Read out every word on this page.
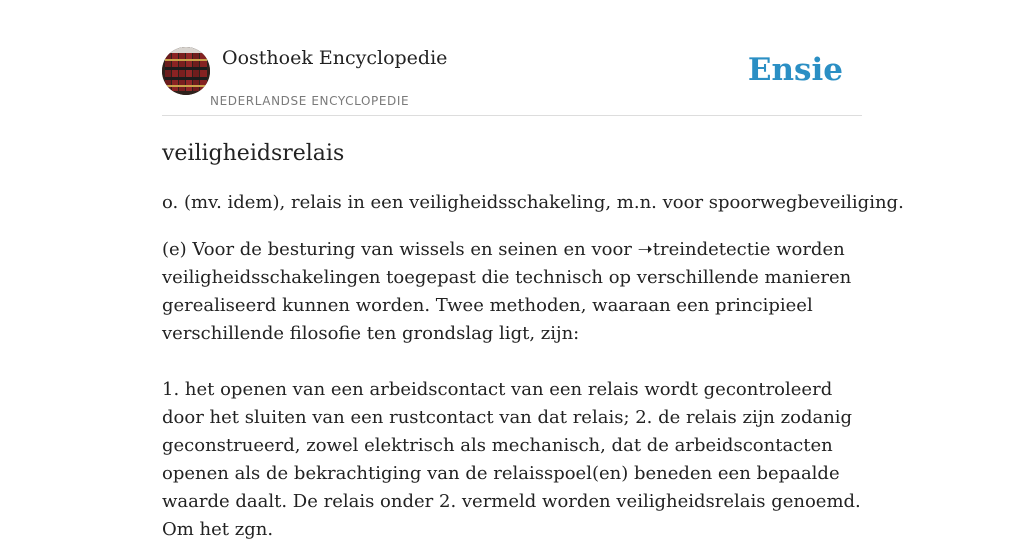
Oosthoek Encyclopedie
NEDERLANDSE ENCYCLOPEDIE
Ensie
veiligheidsrelais

o. (mv. idem), relais in een veiligheidsschakeling, m.n. voor spoorwegbeveiliging.

(e) Voor de besturing van wissels en seinen en voor ➝treindetectie worden veiligheidsschakelingen toegepast die technisch op verschillende manieren gerealiseerd kunnen worden. Twee methoden, waaraan een principieel verschillende filosofie ten grondslag ligt, zijn:
1. het openen van een arbeidscontact van een relais wordt gecontroleerd door het sluiten van een rustcontact van dat relais; 2. de relais zijn zodanig geconstrueerd, zowel elektrisch als mechanisch, dat de arbeidscontacten openen als de bekrachtiging van de relaisspoel(en) beneden een bepaalde waarde daalt. De relais onder 2. vermeld worden veiligheidsrelais genoemd. Om het zgn.
